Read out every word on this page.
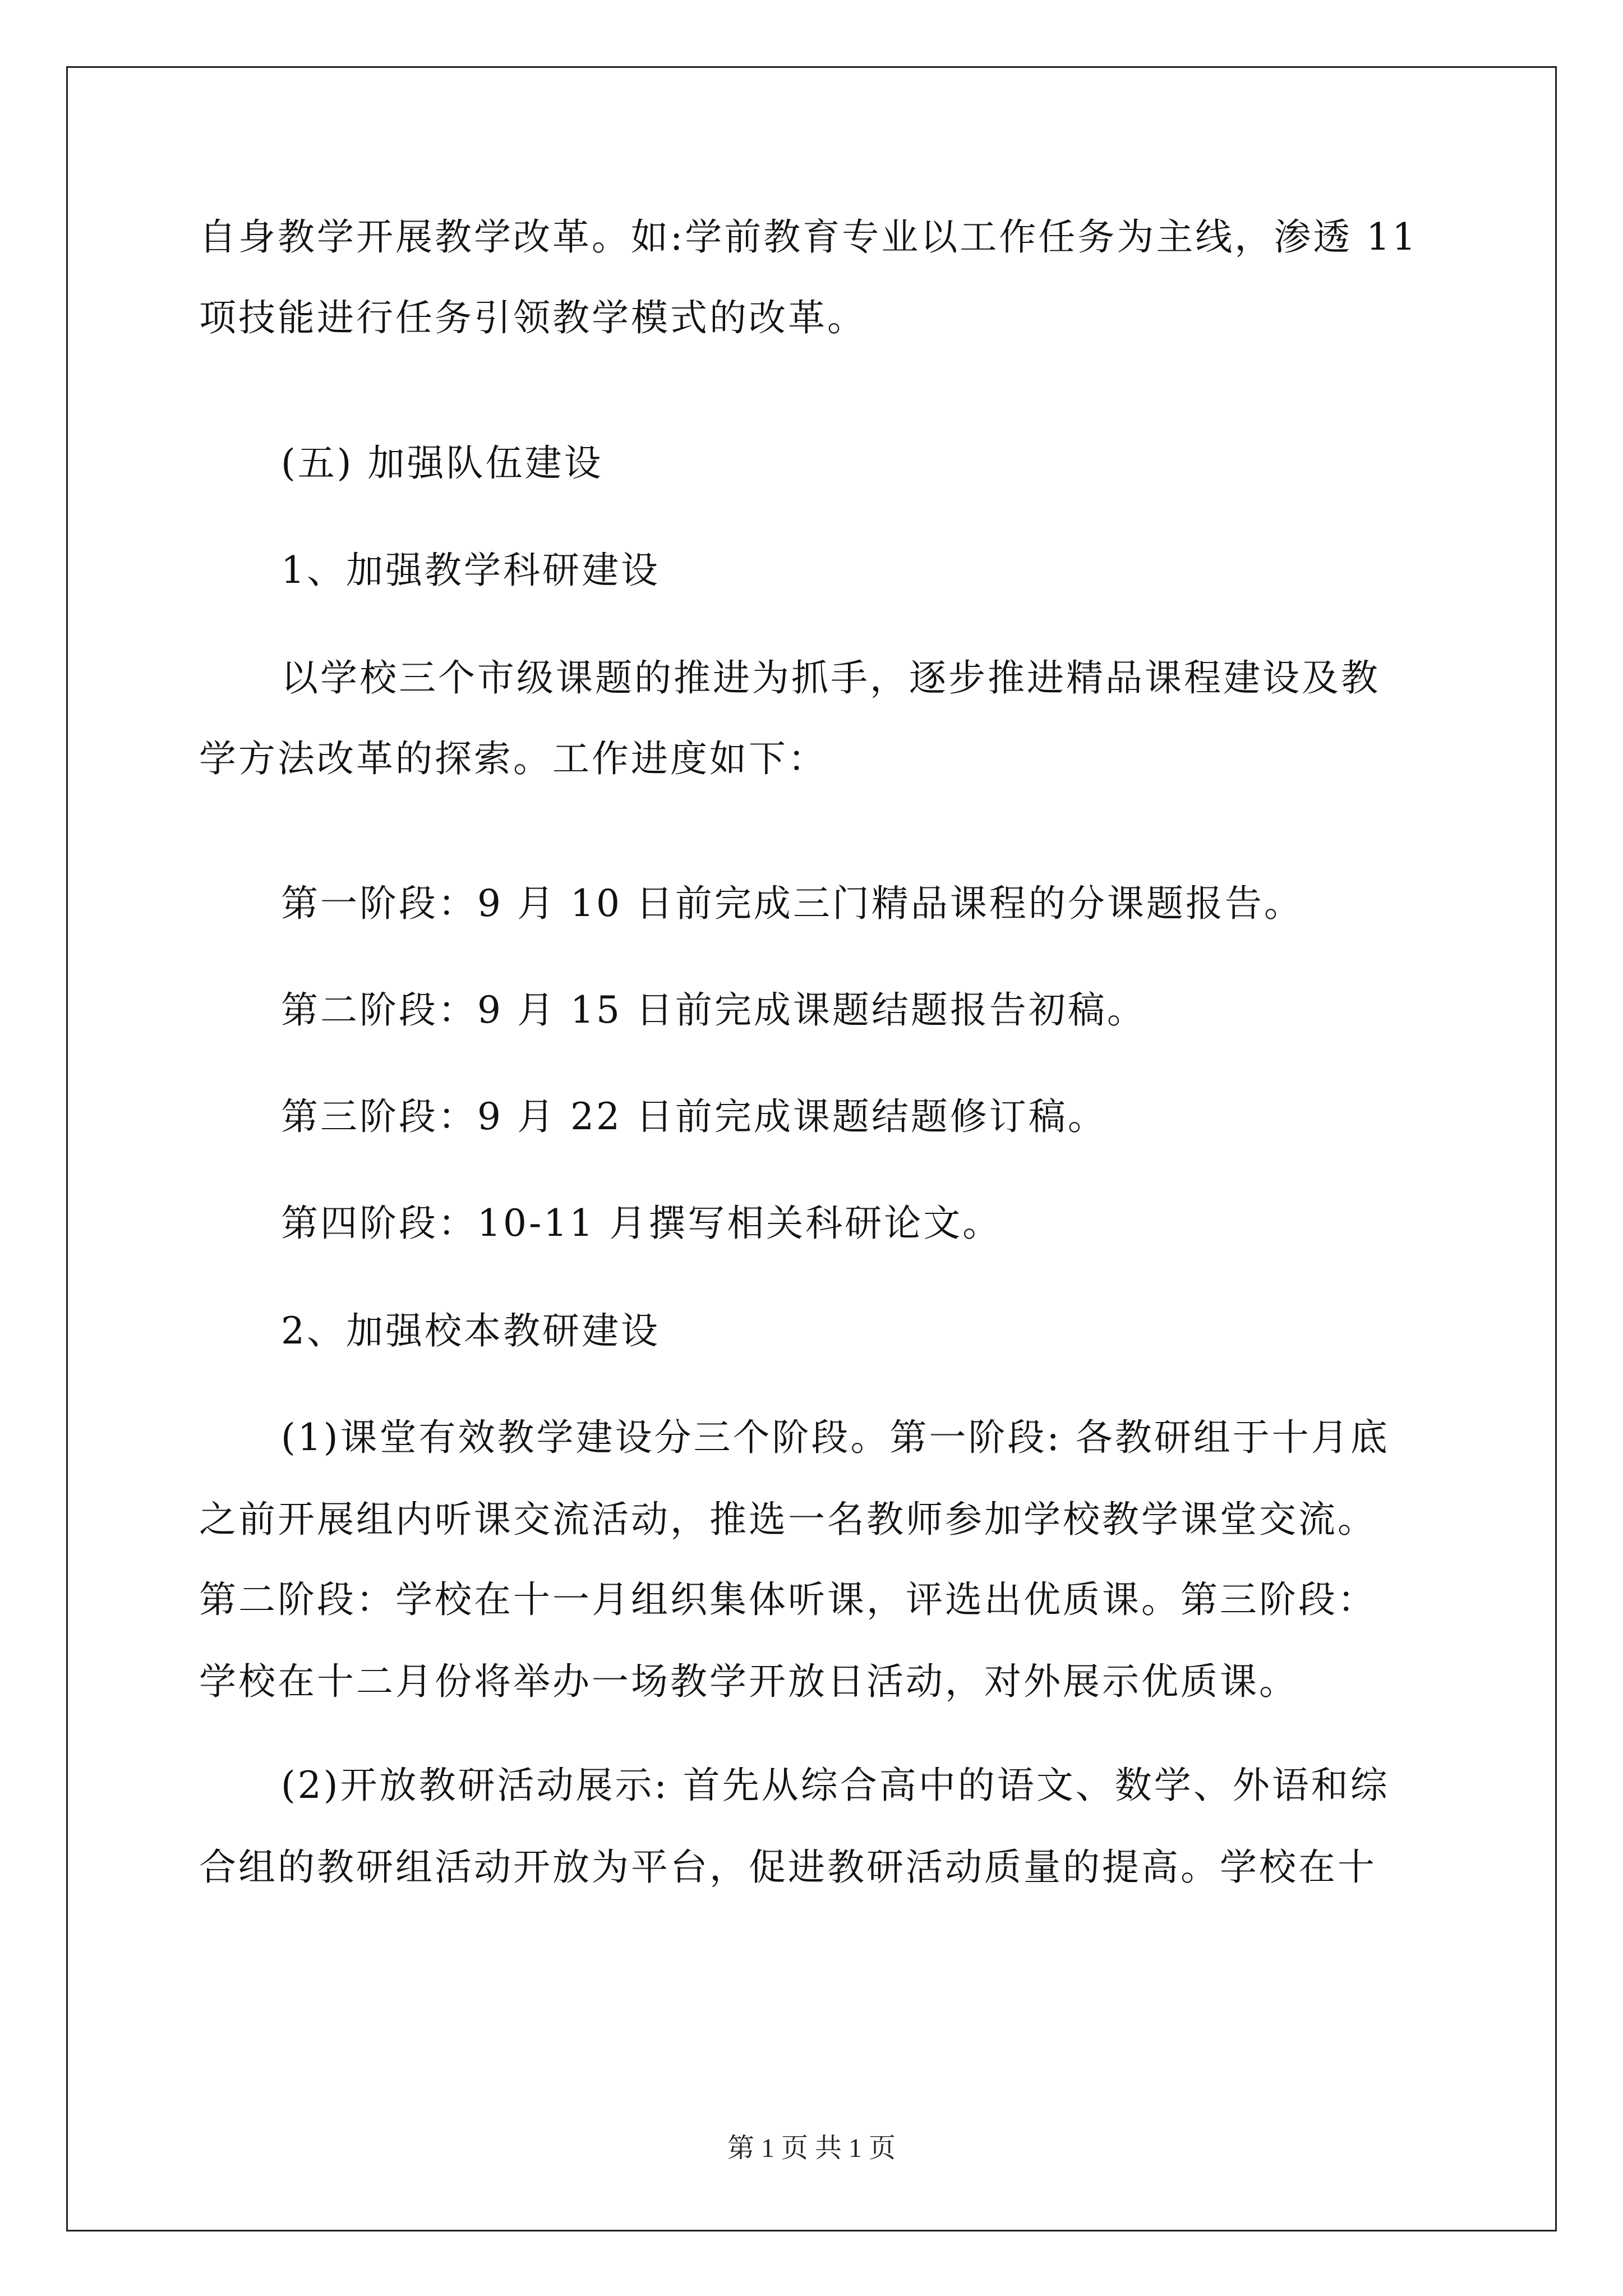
自身教学开展教学改革。如:学前教育专业以工作任务为主线，渗透 11
项技能进行任务引领教学模式的改革。
(五) 加强队伍建设
1、加强教学科研建设
以学校三个市级课题的推进为抓手，逐步推进精品课程建设及教
学方法改革的探索。工作进度如下：
第一阶段：9 月 10 日前完成三门精品课程的分课题报告。
第二阶段：9 月 15 日前完成课题结题报告初稿。
第三阶段：9 月 22 日前完成课题结题修订稿。
第四阶段：10-11 月撰写相关科研论文。
2、加强校本教研建设
(1)课堂有效教学建设分三个阶段。第一阶段: 各教研组于十月底
之前开展组内听课交流活动，推选一名教师参加学校教学课堂交流。
第二阶段：学校在十一月组织集体听课，评选出优质课。第三阶段：
学校在十二月份将举办一场教学开放日活动，对外展示优质课。
(2)开放教研活动展示: 首先从综合高中的语文、数学、外语和综
合组的教研组活动开放为平台，促进教研活动质量的提高。学校在十
第 1 页 共 1 页
